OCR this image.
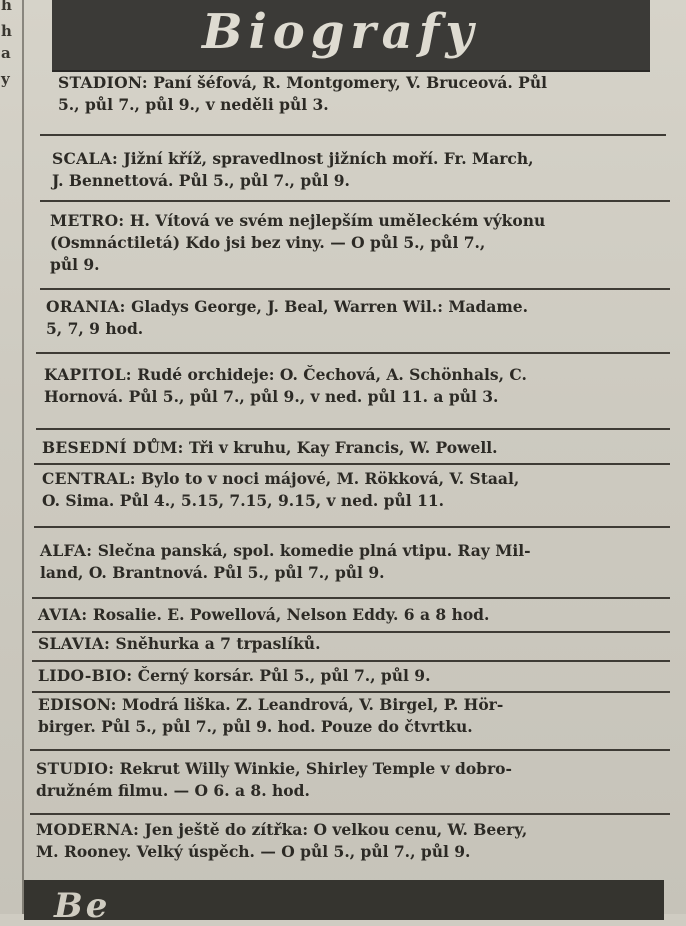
h
h
a
y
Biografy
STADION: Paní šéfová, R. Montgomery, V. Bruceová. Půl
5., půl 7., půl 9., v neděli půl 3.
SCALA: Jižní kříž, spravedlnost jižních moří. Fr. March,
J. Bennettová. Půl 5., půl 7., půl 9.
METRO: H. Vítová ve svém nejlepším uměleckém výkonu
(Osmnáctiletá) Kdo jsi bez viny. — O půl 5., půl 7.,
půl 9.
ORANIA: Gladys George, J. Beal, Warren Wil.: Madame.
5, 7, 9 hod.
KAPITOL: Rudé orchideje: O. Čechová, A. Schönhals, C.
Hornová. Půl 5., půl 7., půl 9., v ned. půl 11. a půl 3.
BESEDNÍ DŮM: Tři v kruhu, Kay Francis, W. Powell.
CENTRAL: Bylo to v noci májové, M. Rökková, V. Staal,
O. Sima. Půl 4., 5.15, 7.15, 9.15, v ned. půl 11.
ALFA: Slečna panská, spol. komedie plná vtipu. Ray Mil-
land, O. Brantnová. Půl 5., půl 7., půl 9.
AVIA: Rosalie. E. Powellová, Nelson Eddy. 6 a 8 hod.
SLAVIA: Sněhurka a 7 trpaslíků.
LIDO-BIO: Černý korsár. Půl 5., půl 7., půl 9.
EDISON: Modrá liška. Z. Leandrová, V. Birgel, P. Hör-
birger. Půl 5., půl 7., půl 9. hod. Pouze do čtvrtku.
STUDIO: Rekrut Willy Winkie, Shirley Temple v dobro-
družném filmu. — O 6. a 8. hod.
MODERNA: Jen ještě do zítřka: O velkou cenu, W. Beery,
M. Rooney. Velký úspěch. — O půl 5., půl 7., půl 9.
Be
